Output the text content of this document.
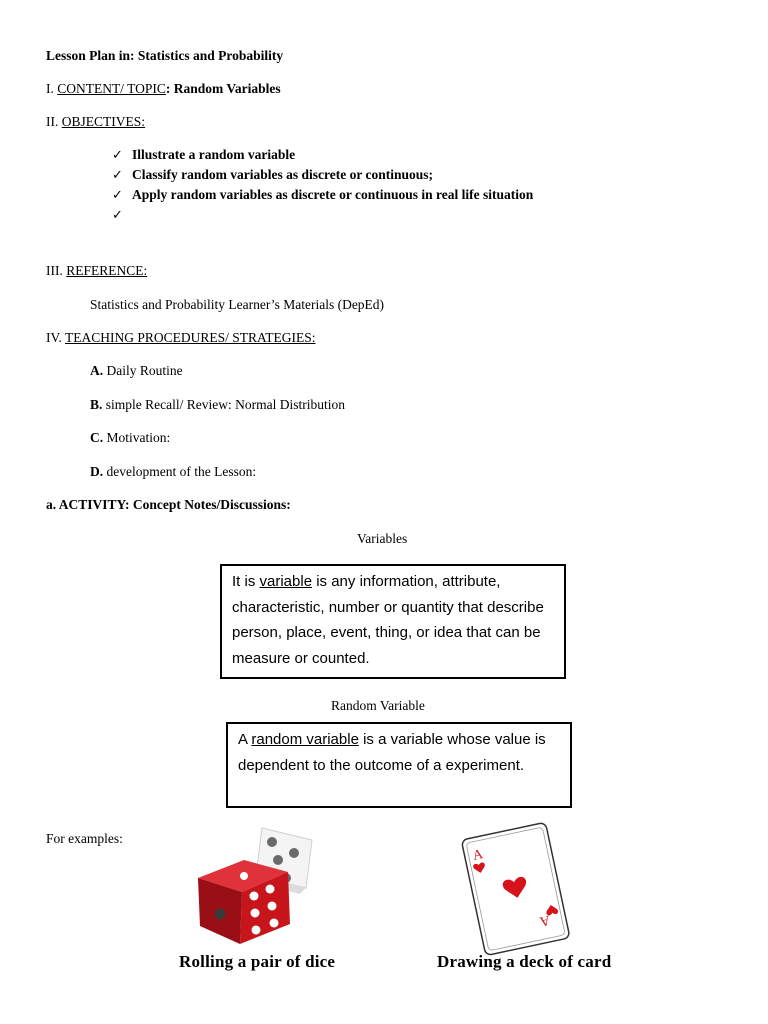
Lesson Plan in: Statistics and Probability
I. CONTENT/ TOPIC: Random Variables
II. OBJECTIVES:
✓ Illustrate a random variable
✓ Classify random variables as discrete or continuous;
✓ Apply random variables as discrete or continuous in real life situation
✓
III. REFERENCE:
Statistics and Probability Learner’s Materials (DepEd)
IV. TEACHING PROCEDURES/ STRATEGIES:
A. Daily Routine
B. simple Recall/ Review: Normal Distribution
C. Motivation:
D. development of the Lesson:
a. ACTIVITY: Concept Notes/Discussions:
Variables
It is variable is any information, attribute, characteristic, number or quantity that describe person, place, event, thing, or idea that can be measure or counted.
Random Variable
A random variable is a variable whose value is dependent to the outcome of a experiment.
For examples:
A
A
Rolling a pair of dice	Drawing a deck of card
